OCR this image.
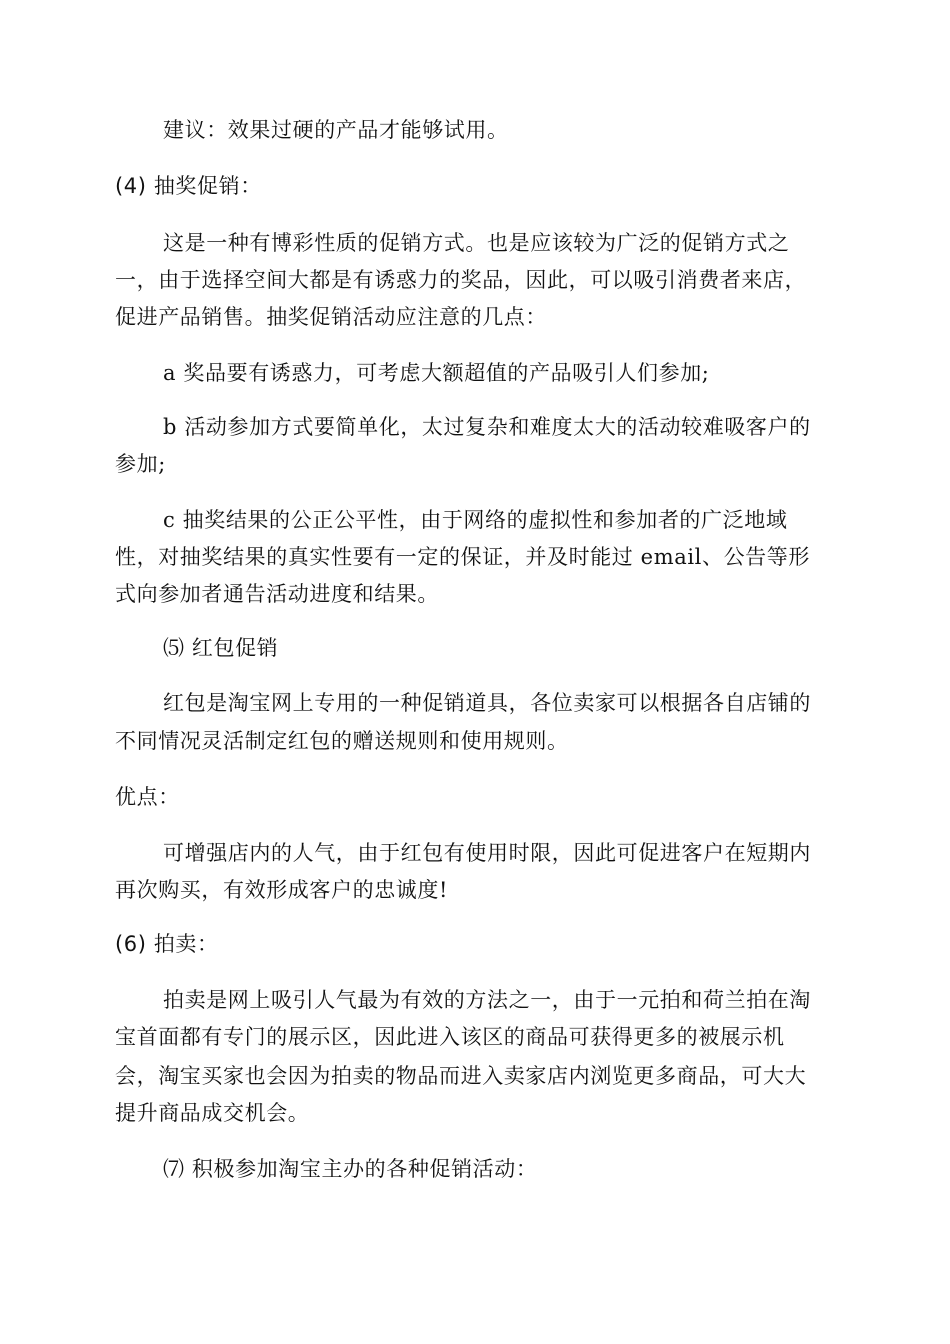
建议：效果过硬的产品才能够试用。
(4) 抽奖促销：
这是一种有博彩性质的促销方式。也是应该较为广泛的促销方式之
一，由于选择空间大都是有诱惑力的奖品，因此，可以吸引消费者来店，
促进产品销售。抽奖促销活动应注意的几点：
a 奖品要有诱惑力，可考虑大额超值的产品吸引人们参加;
b 活动参加方式要简单化，太过复杂和难度太大的活动较难吸客户的
参加;
c 抽奖结果的公正公平性，由于网络的虚拟性和参加者的广泛地域
性，对抽奖结果的真实性要有一定的保证，并及时能过 email、公告等形
式向参加者通告活动进度和结果。
⑸ 红包促销
红包是淘宝网上专用的一种促销道具，各位卖家可以根据各自店铺的
不同情况灵活制定红包的赠送规则和使用规则。
优点：
可增强店内的人气，由于红包有使用时限，因此可促进客户在短期内
再次购买，有效形成客户的忠诚度!
(6) 拍卖：
拍卖是网上吸引人气最为有效的方法之一，由于一元拍和荷兰拍在淘
宝首面都有专门的展示区，因此进入该区的商品可获得更多的被展示机
会，淘宝买家也会因为拍卖的物品而进入卖家店内浏览更多商品，可大大
提升商品成交机会。
⑺ 积极参加淘宝主办的各种促销活动：
